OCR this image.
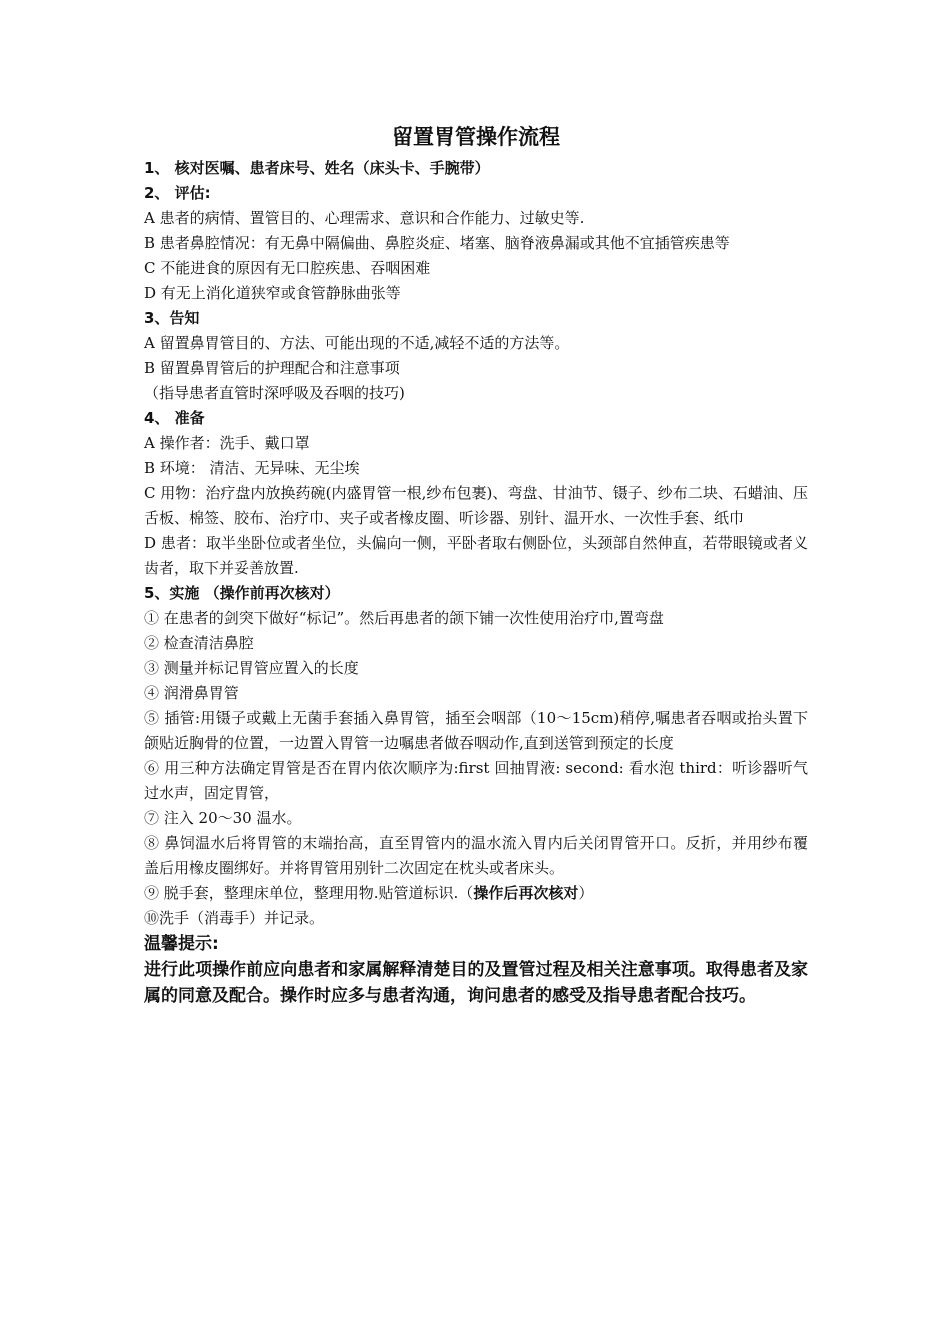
留置胃管操作流程
1、 核对医嘱、患者床号、姓名（床头卡、手腕带）
2、 评估:
A 患者的病情、置管目的、心理需求、意识和合作能力、过敏史等.
B 患者鼻腔情况：有无鼻中隔偏曲、鼻腔炎症、堵塞、脑脊液鼻漏或其他不宜插管疾患等
C 不能进食的原因有无口腔疾患、吞咽困难
D 有无上消化道狭窄或食管静脉曲张等
3、告知
A 留置鼻胃管目的、方法、可能出现的不适,减轻不适的方法等。
B 留置鼻胃管后的护理配合和注意事项
（指导患者直管时深呼吸及吞咽的技巧)
4、 准备
A 操作者：洗手、戴口罩
B 环境： 清洁、无异味、无尘埃
C 用物：治疗盘内放换药碗(内盛胃管一根,纱布包裹)、弯盘、甘油节、镊子、纱布二块、石蜡油、压舌板、棉签、胶布、治疗巾、夹子或者橡皮圈、听诊器、别针、温开水、一次性手套、纸巾
D 患者：取半坐卧位或者坐位，头偏向一侧，平卧者取右侧卧位，头颈部自然伸直，若带眼镜或者义齿者，取下并妥善放置.
5、实施 （操作前再次核对）
① 在患者的剑突下做好“标记”。然后再患者的颌下铺一次性使用治疗巾,置弯盘
② 检查清洁鼻腔
③ 测量并标记胃管应置入的长度
④ 润滑鼻胃管
⑤ 插管:用镊子或戴上无菌手套插入鼻胃管，插至会咽部（10～15cm)稍停,嘱患者吞咽或抬头置下颌贴近胸骨的位置，一边置入胃管一边嘱患者做吞咽动作,直到送管到预定的长度
⑥ 用三种方法确定胃管是否在胃内依次顺序为:first 回抽胃液: second: 看水泡 third：听诊器听气过水声，固定胃管，
⑦ 注入 20～30 温水。
⑧ 鼻饲温水后将胃管的末端抬高，直至胃管内的温水流入胃内后关闭胃管开口。反折，并用纱布覆盖后用橡皮圈绑好。并将胃管用别针二次固定在枕头或者床头。
⑨ 脱手套，整理床单位，整理用物.贴管道标识.（操作后再次核对）
⑩洗手（消毒手）并记录。
温馨提示:
进行此项操作前应向患者和家属解释清楚目的及置管过程及相关注意事项。取得患者及家属的同意及配合。操作时应多与患者沟通，询问患者的感受及指导患者配合技巧。
